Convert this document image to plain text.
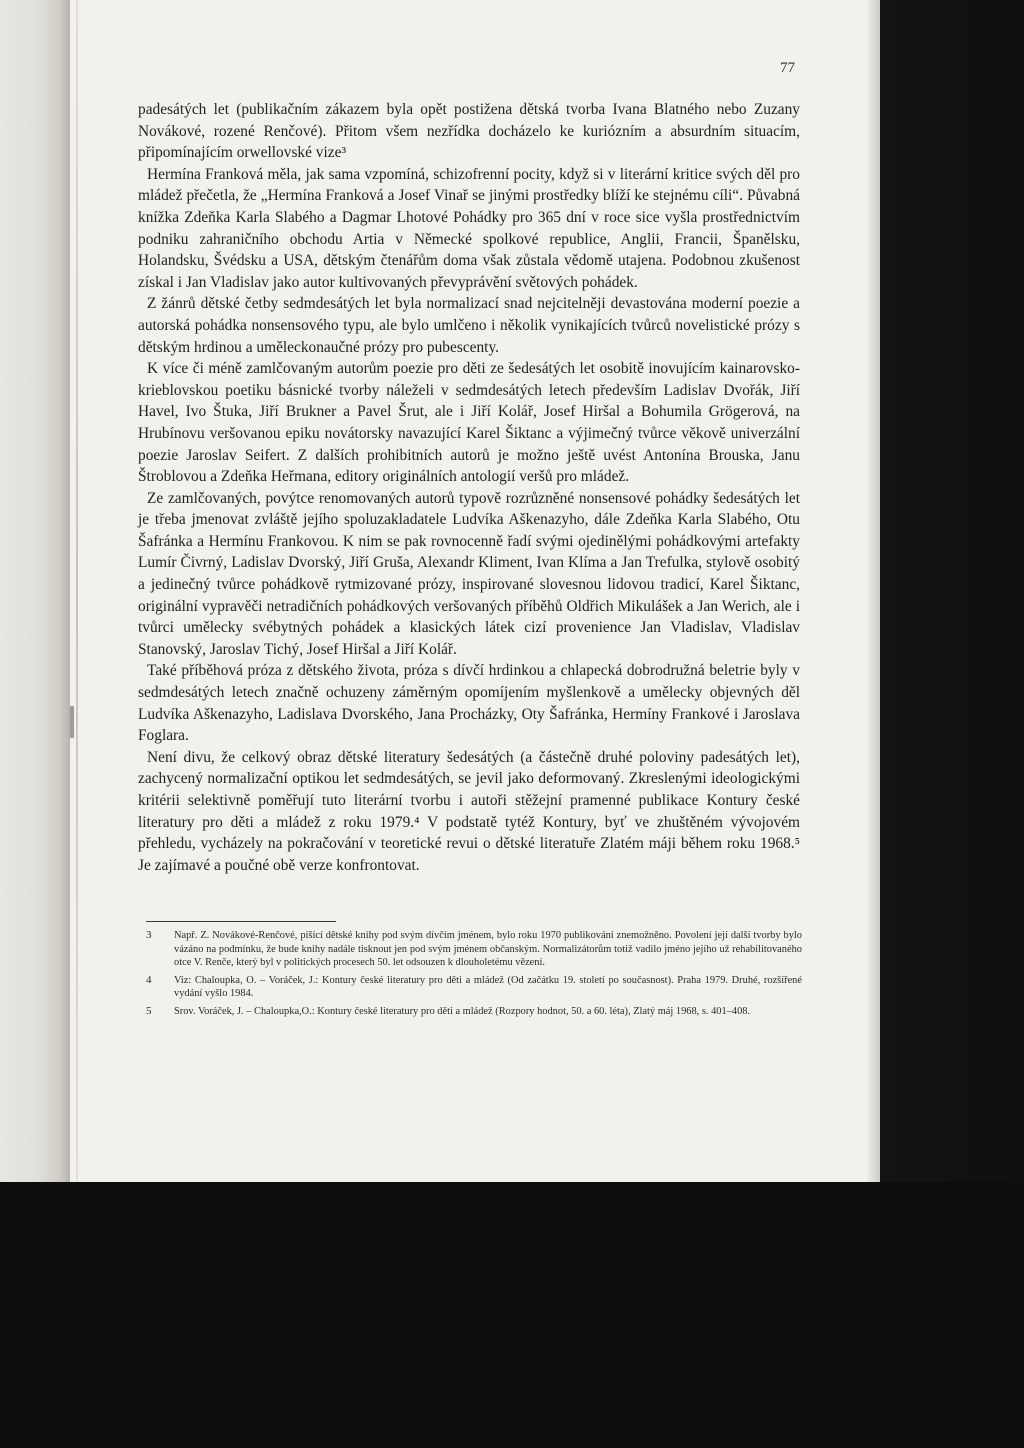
77

padesátých let (publikačním zákazem byla opět postižena dětská tvorba Ivana Blatného nebo Zuzany Novákové, rozené Renčové). Přitom všem nezřídka docházelo ke kuriózním a absurdním situacím, připomínajícím orwellovské vize³

Hermína Franková měla, jak sama vzpomíná, schizofrenní pocity, když si v literární kritice svých děl pro mládež přečetla, že „Hermína Franková a Josef Vinař se jinými prostředky blíží ke stejnému cíli“. Půvabná knížka Zdeňka Karla Slabého a Dagmar Lhotové Pohádky pro 365 dní v roce sice vyšla prostřednictvím podniku zahraničního obchodu Artia v Německé spolkové republice, Anglii, Francii, Španělsku, Holandsku, Švédsku a USA, dětským čtenářům doma však zůstala vědomě utajena. Podobnou zkušenost získal i Jan Vladislav jako autor kultivovaných převyprávění světových pohádek.

Z žánrů dětské četby sedmdesátých let byla normalizací snad nejcitelněji devastována moderní poezie a autorská pohádka nonsensového typu, ale bylo umlčeno i několik vynikajících tvůrců novelistické prózy s dětským hrdinou a uměleckonaučné prózy pro pubescenty.

K více či méně zamlčovaným autorům poezie pro děti ze šedesátých let osobitě inovujícím kainarovsko-krieblovskou poetiku básnické tvorby náleželi v sedmdesátých letech především Ladislav Dvořák, Jiří Havel, Ivo Štuka, Jiří Brukner a Pavel Šrut, ale i Jiří Kolář, Josef Hiršal a Bohumila Grögerová, na Hrubínovu veršovanou epiku novátorsky navazující Karel Šiktanc a výjimečný tvůrce věkově univerzální poezie Jaroslav Seifert. Z dalších prohibitních autorů je možno ještě uvést Antonína Brouska, Janu Štroblovou a Zdeňka Heřmana, editory originálních antologií veršů pro mládež.

Ze zamlčovaných, povýtce renomovaných autorů typově rozrůzněné nonsensové pohádky šedesátých let je třeba jmenovat zvláště jejího spoluzakladatele Ludvíka Aškenazyho, dále Zdeňka Karla Slabého, Otu Šafránka a Hermínu Frankovou. K nim se pak rovnocenně řadí svými ojedinělými pohádkovými artefakty Lumír Čivrný, Ladislav Dvorský, Jiří Gruša, Alexandr Kliment, Ivan Klíma a Jan Trefulka, stylově osobitý a jedinečný tvůrce pohádkově rytmizované prózy, inspirované slovesnou lidovou tradicí, Karel Šiktanc, originální vypravěči netradičních pohádkových veršovaných příběhů Oldřich Mikulášek a Jan Werich, ale i tvůrci umělecky svébytných pohádek a klasických látek cizí provenience Jan Vladislav, Vladislav Stanovský, Jaroslav Tichý, Josef Hiršal a Jiří Kolář.

Také příběhová próza z dětského života, próza s dívčí hrdinkou a chlapecká dobrodružná beletrie byly v sedmdesátých letech značně ochuzeny záměrným opomíjením myšlenkově a umělecky objevných děl Ludvíka Aškenazyho, Ladislava Dvorského, Jana Procházky, Oty Šafránka, Hermíny Frankové i Jaroslava Foglara.

Není divu, že celkový obraz dětské literatury šedesátých (a částečně druhé poloviny padesátých let), zachycený normalizační optikou let sedmdesátých, se jevil jako deformovaný. Zkreslenými ideologickými kritérii selektivně poměřují tuto literární tvorbu i autoři stěžejní pramenné publikace Kontury české literatury pro děti a mládež z roku 1979.⁴ V podstatě tytéž Kontury, byť ve zhuštěném vývojovém přehledu, vycházely na pokračování v teoretické revui o dětské literatuře Zlatém máji během roku 1968.⁵ Je zajímavé a poučné obě verze konfrontovat.

3	Např. Z. Novákové-Renčové, píšící dětské knihy pod svým dívčím jménem, bylo roku 1970 publikování znemožněno. Povolení její další tvorby bylo vázáno na podmínku, že bude knihy nadále tisknout jen pod svým jménem občanským. Normalizátorům totiž vadilo jméno jejího už rehabilitovaného otce V. Renče, který byl v politických procesech 50. let odsouzen k dlouholetému vězení.
4	Viz: Chaloupka, O. – Voráček, J.: Kontury české literatury pro děti a mládež (Od začátku 19. století po současnost). Praha 1979. Druhé, rozšířené vydání vyšlo 1984.
5	Srov. Voráček, J. – Chaloupka,O.: Kontury české literatury pro děti a mládež (Rozpory hodnot, 50. a 60. léta), Zlatý máj 1968, s. 401–408.
